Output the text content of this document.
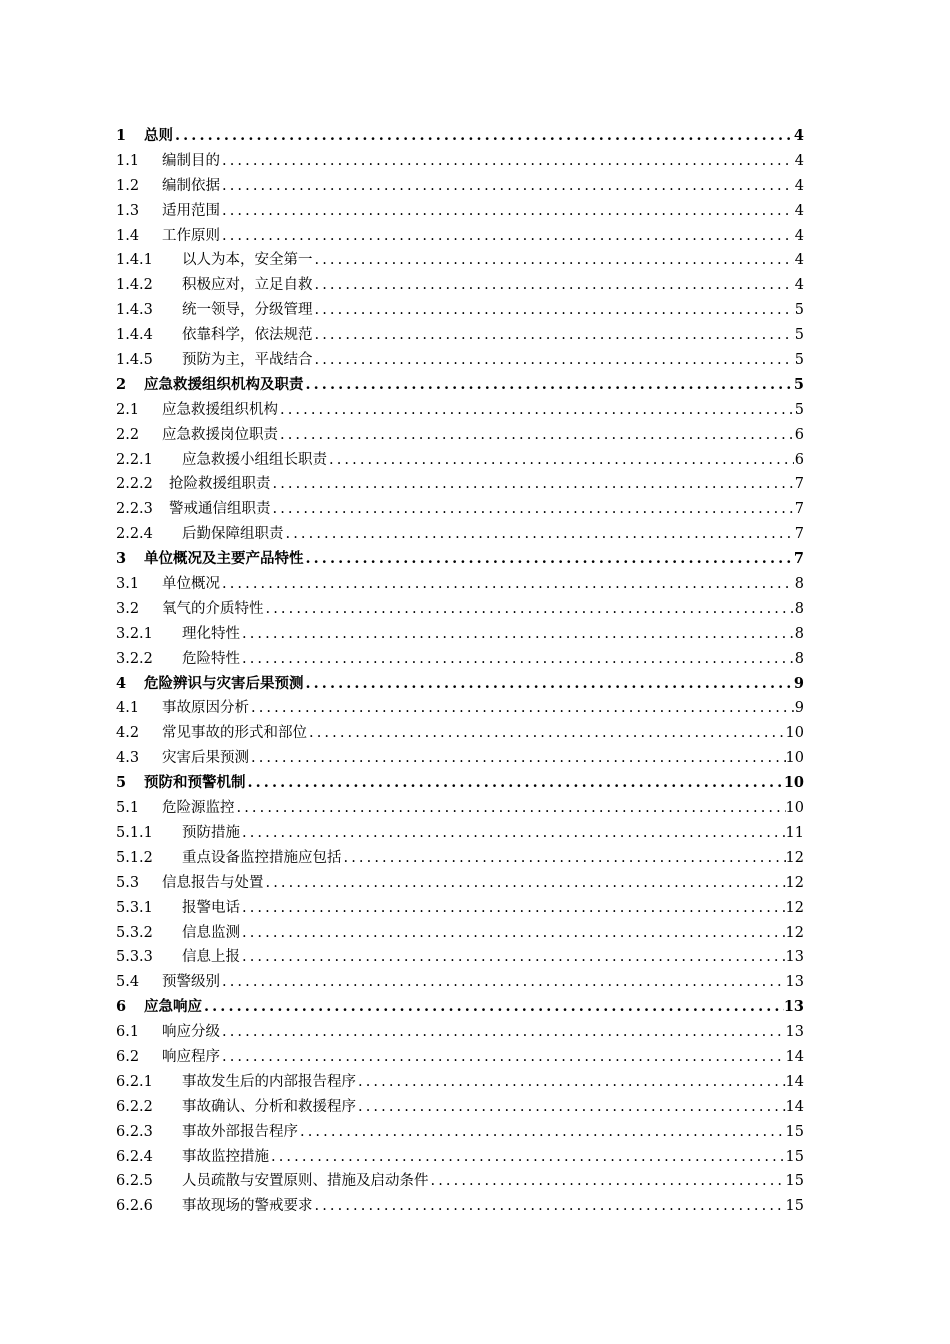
1	总则 .....	4
1.1	编制目的 .....	4
1.2	编制依据 .....	4
1.3	适用范围 .....	4
1.4	工作原则 .....	4
1.4.1	以人为本，安全第一 .....	4
1.4.2	积极应对，立足自救 .....	4
1.4.3	统一领导，分级管理 .....	5
1.4.4	依靠科学，依法规范 .....	5
1.4.5	预防为主，平战结合 .....	5
2	应急救援组织机构及职责 .....	5
2.1	应急救援组织机构 .....	5
2.2	应急救援岗位职责 .....	6
2.2.1	应急救援小组组长职责 .....	6
2.2.2	抢险救援组职责 .....	7
2.2.3	警戒通信组职责 .....	7
2.2.4	后勤保障组职责 .....	7
3	单位概况及主要产品特性 .....	7
3.1	单位概况 .....	8
3.2	氧气的介质特性 .....	8
3.2.1	理化特性 .....	8
3.2.2	危险特性 .....	8
4	危险辨识与灾害后果预测 .....	9
4.1	事故原因分析 .....	9
4.2	常见事故的形式和部位 .....	10
4.3	灾害后果预测 .....	10
5	预防和预警机制 .....	10
5.1	危险源监控 .....	10
5.1.1	预防措施 .....	11
5.1.2	重点设备监控措施应包括 .....	12
5.3	信息报告与处置 .....	12
5.3.1	报警电话 .....	12
5.3.2	信息监测 .....	12
5.3.3	信息上报 .....	13
5.4	预警级别 .....	13
6	应急响应 .....	13
6.1	响应分级 .....	13
6.2	响应程序 .....	14
6.2.1	事故发生后的内部报告程序 .....	14
6.2.2	事故确认、分析和救援程序 .....	14
6.2.3	事故外部报告程序 .....	15
6.2.4	事故监控措施 .....	15
6.2.5	人员疏散与安置原则、措施及启动条件 .....	15
6.2.6	事故现场的警戒要求 .....	15
